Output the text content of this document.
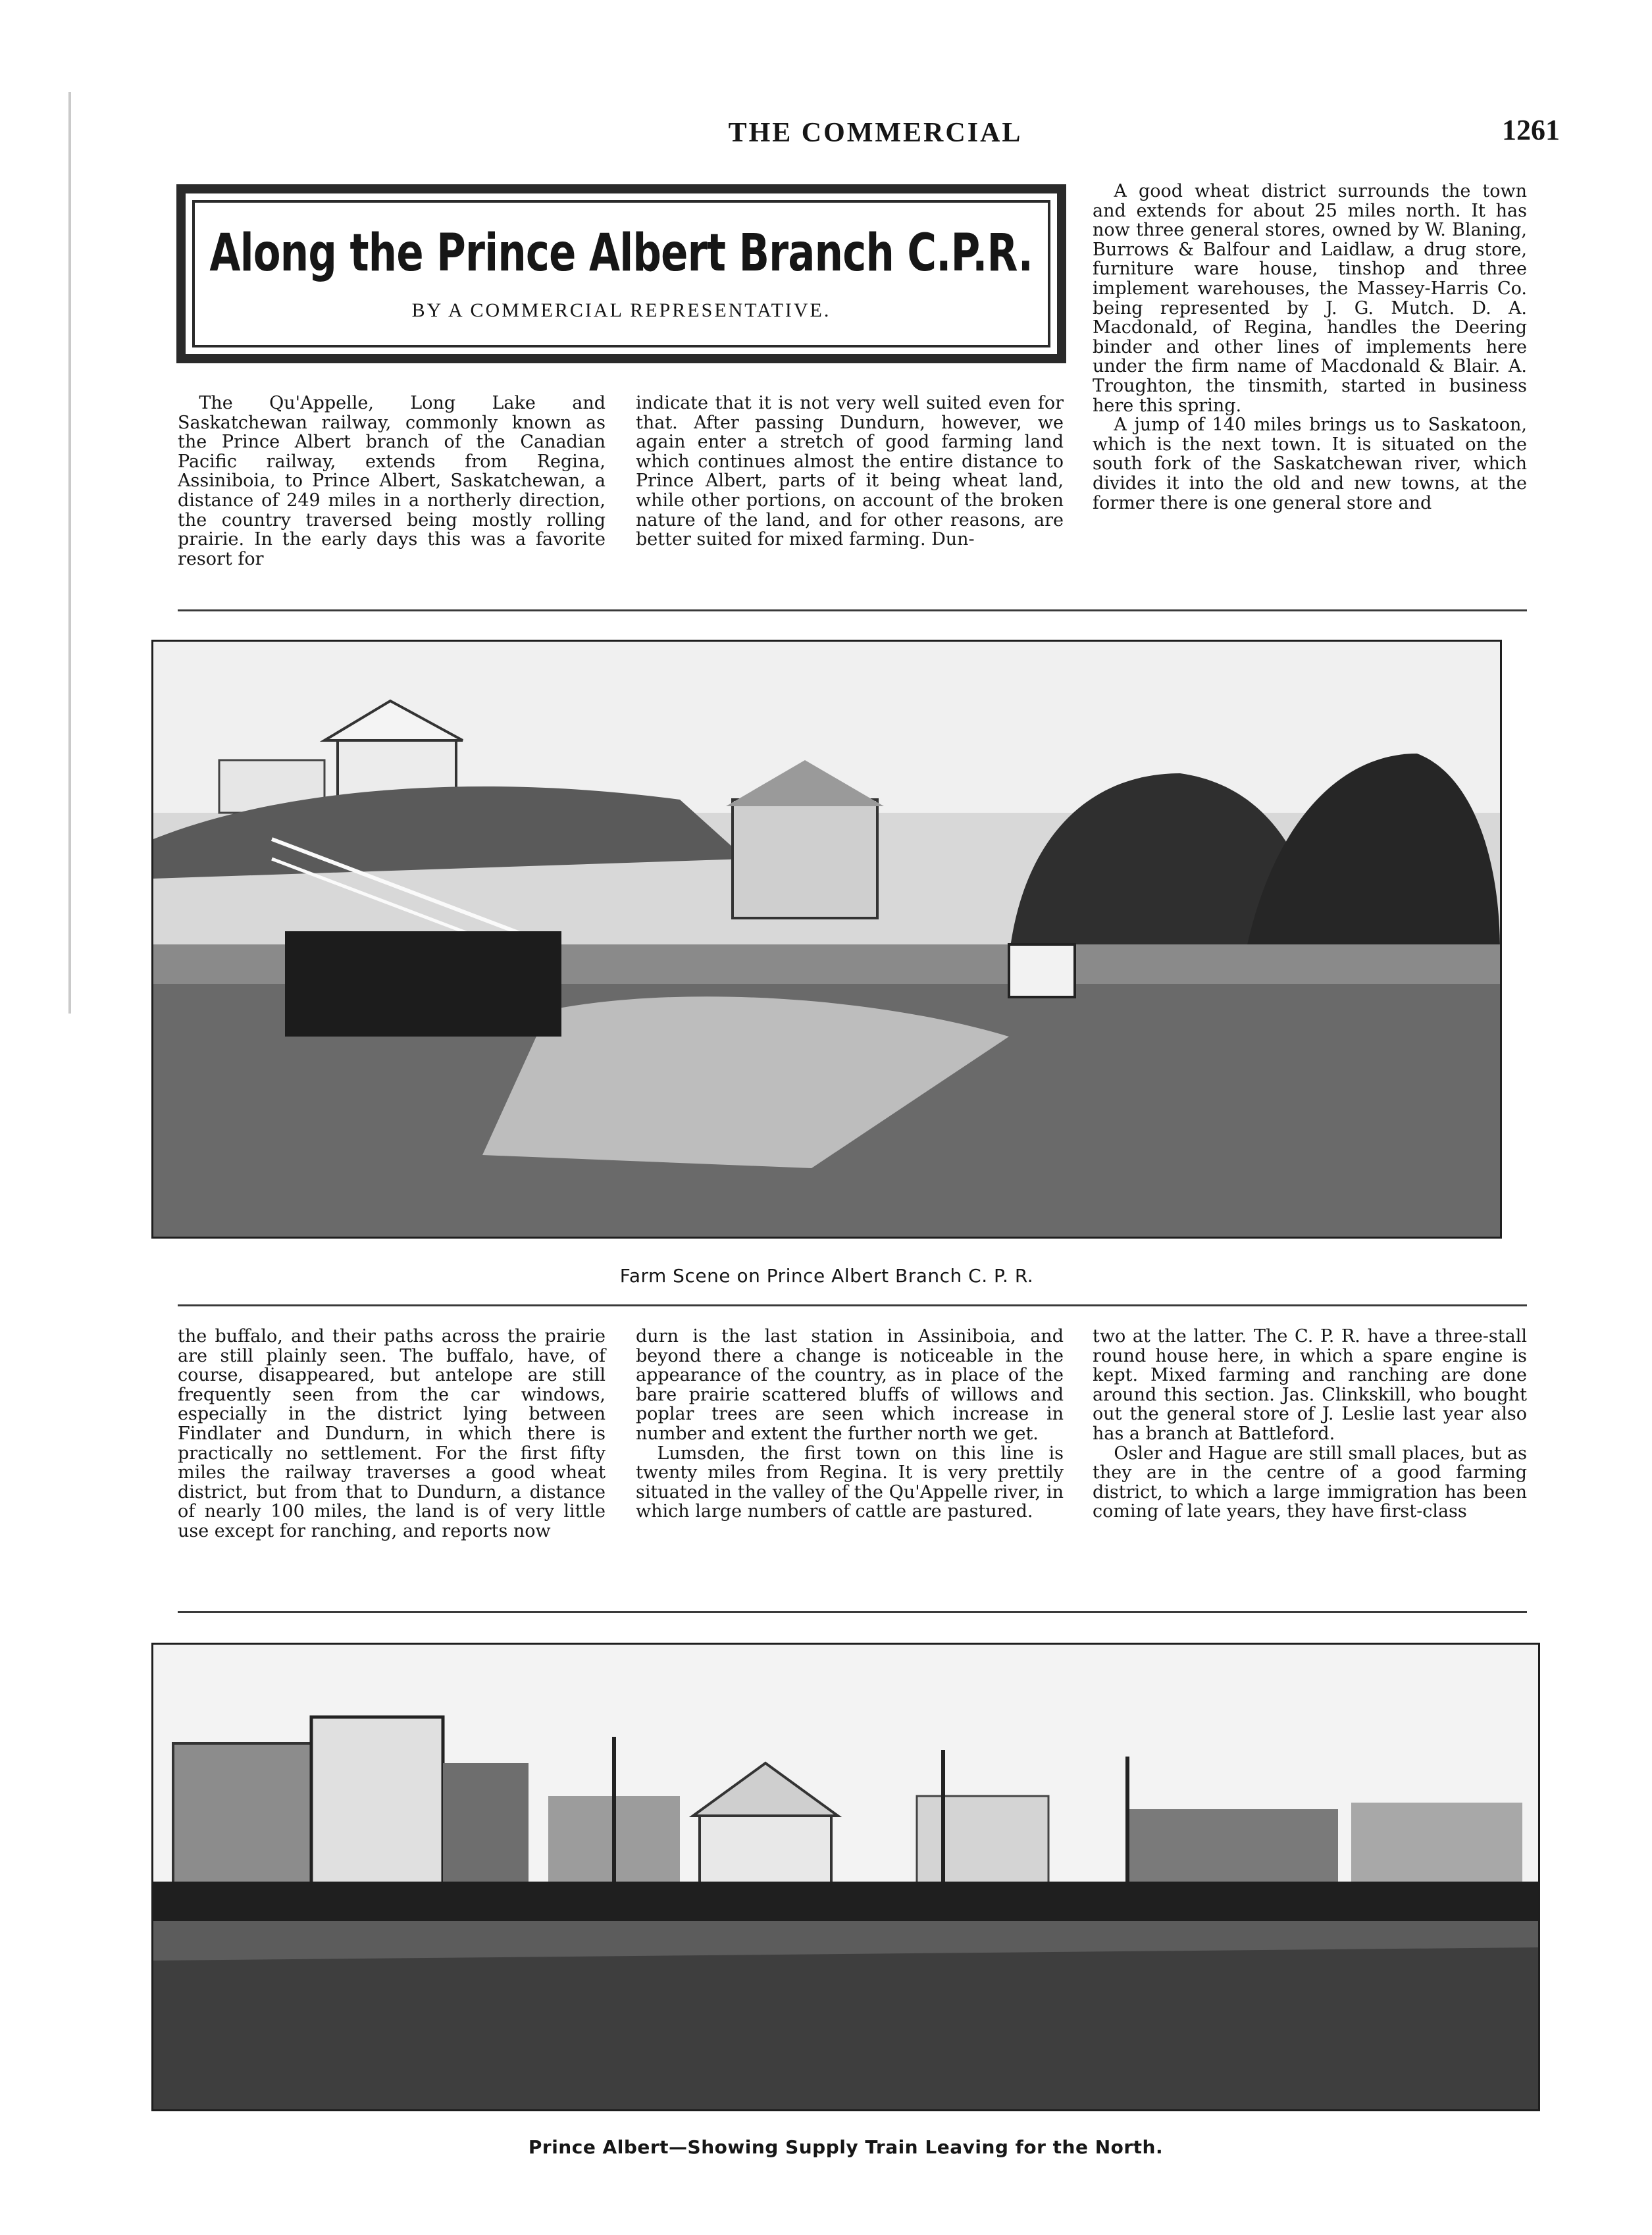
THE COMMERCIAL	1261
Along the Prince Albert Branch C.P.R.
BY A COMMERCIAL REPRESENTATIVE.

The Qu'Appelle, Long Lake and Saskatchewan railway, commonly known as the Prince Albert branch of the Canadian Pacific railway, extends from Regina, Assiniboia, to Prince Albert, Saskatchewan, a distance of 249 miles in a northerly direction, the country traversed being mostly rolling prairie. In the early days this was a favorite resort for

indicate that it is not very well suited even for that. After passing Dundurn, however, we again enter a stretch of good farming land which continues almost the entire distance to Prince Albert, parts of it being wheat land, while other portions, on account of the broken nature of the land, and for other reasons, are better suited for mixed farming. Dun-

A good wheat district surrounds the town and extends for about 25 miles north. It has now three general stores, owned by W. Blaning, Burrows & Balfour and Laidlaw, a drug store, furniture ware house, tinshop and three implement warehouses, the Massey-Harris Co. being represented by J. G. Mutch. D. A. Macdonald, of Regina, handles the Deering binder and other lines of implements here under the firm name of Macdonald & Blair. A. Troughton, the tinsmith, started in business here this spring.

A jump of 140 miles brings us to Saskatoon, which is the next town. It is situated on the south fork of the Saskatchewan river, which divides it into the old and new towns, at the former there is one general store and

Farm Scene on Prince Albert Branch C. P. R.

the buffalo, and their paths across the prairie are still plainly seen. The buffalo, have, of course, disappeared, but antelope are still frequently seen from the car windows, especially in the district lying between Findlater and Dundurn, in which there is practically no settlement. For the first fifty miles the railway traverses a good wheat district, but from that to Dundurn, a distance of nearly 100 miles, the land is of very little use except for ranching, and reports now

durn is the last station in Assiniboia, and beyond there a change is noticeable in the appearance of the country, as in place of the bare prairie scattered bluffs of willows and poplar trees are seen which increase in number and extent the further north we get.

Lumsden, the first town on this line is twenty miles from Regina. It is very prettily situated in the valley of the Qu'Appelle river, in which large numbers of cattle are pastured.

two at the latter. The C. P. R. have a three-stall round house here, in which a spare engine is kept. Mixed farming and ranching are done around this section. Jas. Clinkskill, who bought out the general store of J. Leslie last year also has a branch at Battleford.

Osler and Hague are still small places, but as they are in the centre of a good farming district, to which a large immigration has been coming of late years, they have first-class

Prince Albert—Showing Supply Train Leaving for the North.
